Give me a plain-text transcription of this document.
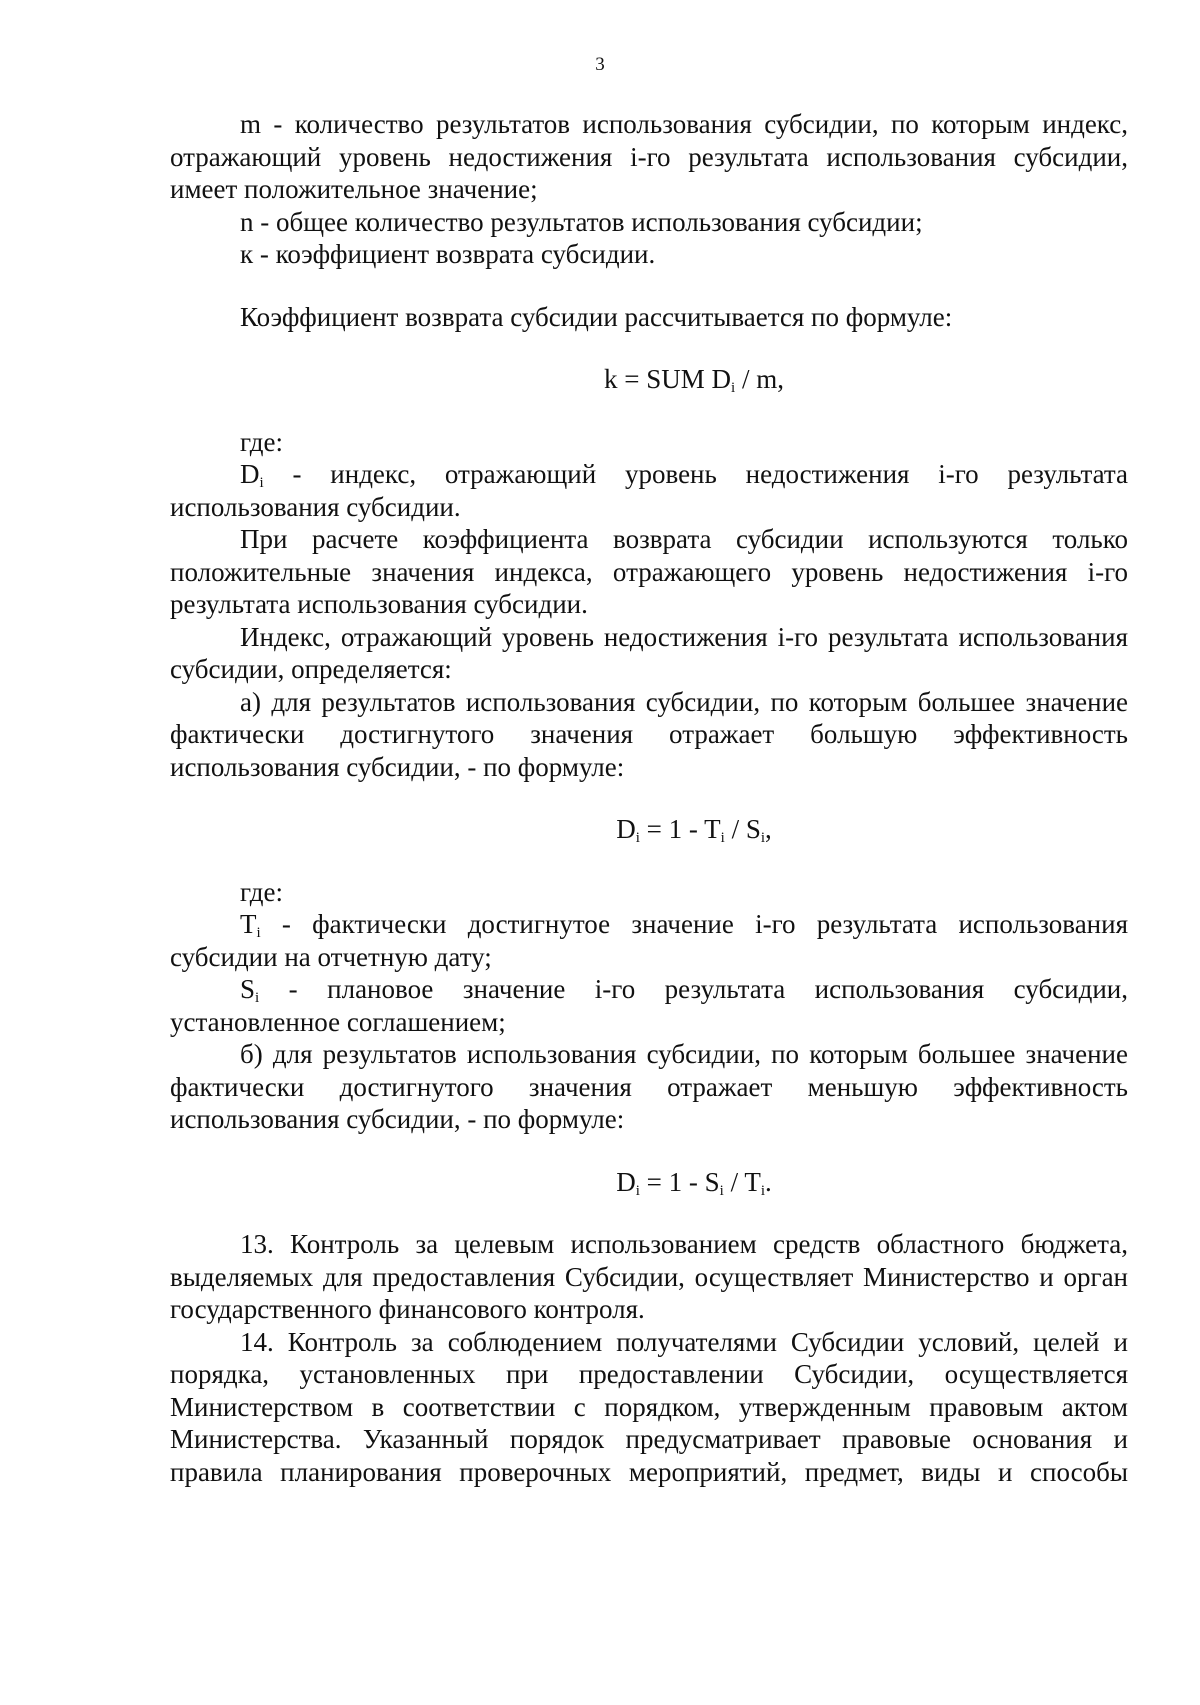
3

m - количество результатов использования субсидии, по которым индекс, отражающий уровень недостижения i-го результата использования субсидии, имеет положительное значение;

n - общее количество результатов использования субсидии;

к - коэффициент возврата субсидии.

Коэффициент возврата субсидии рассчитывается по формуле:

k = SUM $D_i$ / m,

где:

$D_i$ - индекс, отражающий уровень недостижения i-го результата использования субсидии.

При расчете коэффициента возврата субсидии используются только положительные значения индекса, отражающего уровень недостижения i-го результата использования субсидии.

Индекс, отражающий уровень недостижения i-го результата использования субсидии, определяется:

а) для результатов использования субсидии, по которым большее значение фактически достигнутого значения отражает большую эффективность использования субсидии, - по формуле:

$D_i = 1 - T_i / S_i$,

где:

$T_i$ - фактически достигнутое значение i-го результата использования субсидии на отчетную дату;

$S_i$ - плановое значение i-го результата использования субсидии, установленное соглашением;

б) для результатов использования субсидии, по которым большее значение фактически достигнутого значения отражает меньшую эффективность использования субсидии, - по формуле:

$D_i = 1 - S_i / T_i$.

13. Контроль за целевым использованием средств областного бюджета, выделяемых для предоставления Субсидии, осуществляет Министерство и орган государственного финансового контроля.

14. Контроль за соблюдением получателями Субсидии условий, целей и порядка, установленных при предоставлении Субсидии, осуществляется Министерством в соответствии с порядком, утвержденным правовым актом Министерства. Указанный порядок предусматривает правовые основания и правила планирования проверочных мероприятий, предмет, виды и способы
